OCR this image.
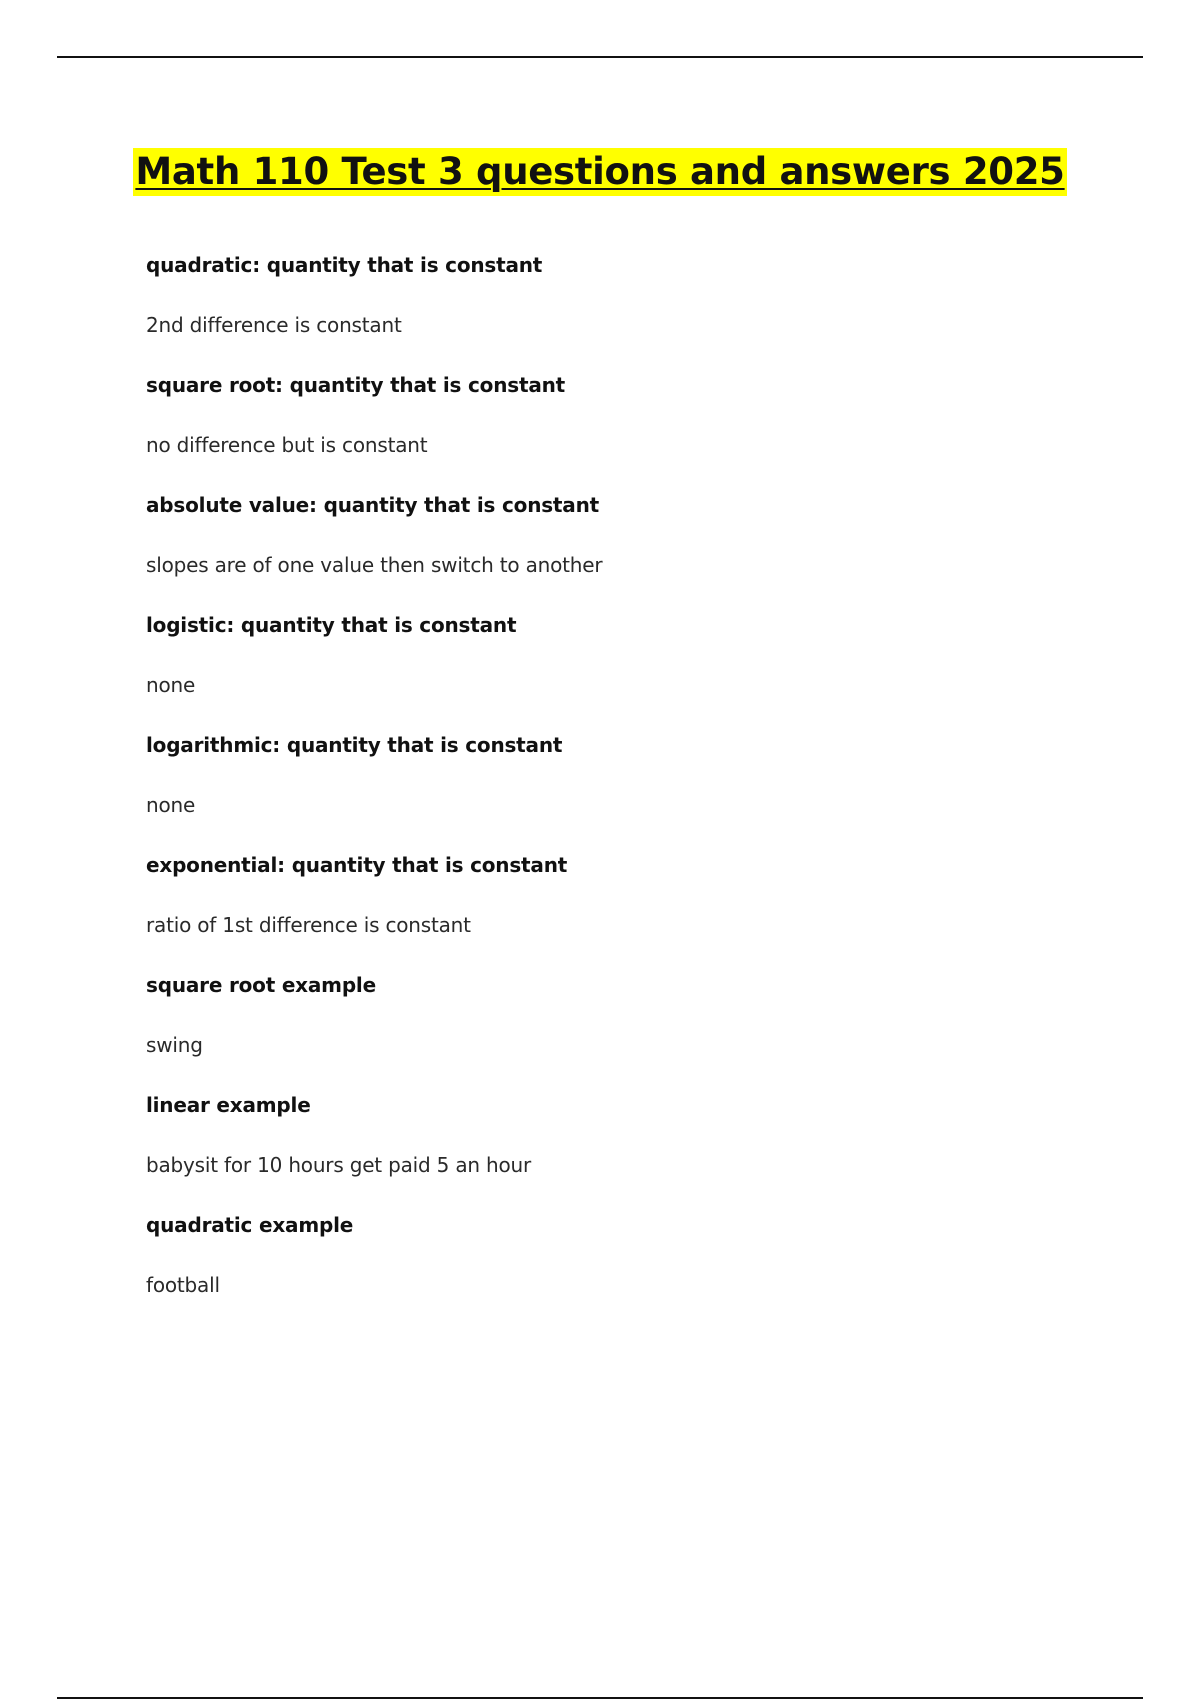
Math 110 Test 3 questions and answers 2025
quadratic: quantity that is constant
2nd difference is constant
square root: quantity that is constant
no difference but is constant
absolute value: quantity that is constant
slopes are of one value then switch to another
logistic: quantity that is constant
none
logarithmic: quantity that is constant
none
exponential: quantity that is constant
ratio of 1st difference is constant
square root example
swing
linear example
babysit for 10 hours get paid 5 an hour
quadratic example
football
